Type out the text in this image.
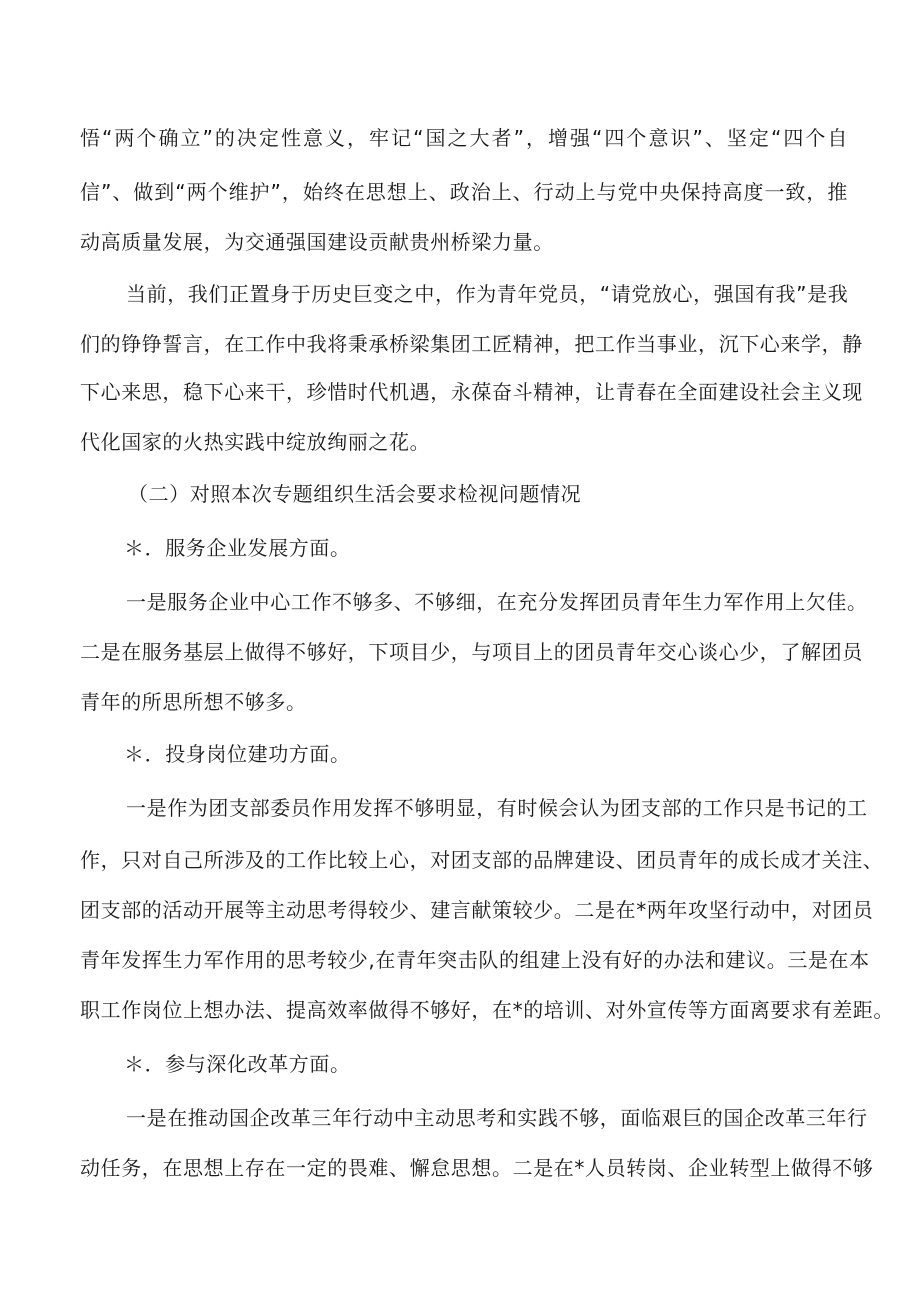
悟“两个确立”的决定性意义，牢记“国之大者”，增强“四个意识”、坚定“四个自
信”、做到“两个维护”，始终在思想上、政治上、行动上与党中央保持高度一致，推
动高质量发展，为交通强国建设贡献贵州桥梁力量。
当前，我们正置身于历史巨变之中，作为青年党员，“请党放心，强国有我”是我
们的铮铮誓言，在工作中我将秉承桥梁集团工匠精神，把工作当事业，沉下心来学，静
下心来思，稳下心来干，珍惜时代机遇，永葆奋斗精神，让青春在全面建设社会主义现
代化国家的火热实践中绽放绚丽之花。
（二）对照本次专题组织生活会要求检视问题情况
＊．服务企业发展方面。
一是服务企业中心工作不够多、不够细，在充分发挥团员青年生力军作用上欠佳。
二是在服务基层上做得不够好，下项目少，与项目上的团员青年交心谈心少，了解团员
青年的所思所想不够多。
＊．投身岗位建功方面。
一是作为团支部委员作用发挥不够明显，有时候会认为团支部的工作只是书记的工
作，只对自己所涉及的工作比较上心，对团支部的品牌建设、团员青年的成长成才关注、
团支部的活动开展等主动思考得较少、建言献策较少。二是在*两年攻坚行动中，对团员
青年发挥生力军作用的思考较少,在青年突击队的组建上没有好的办法和建议。三是在本
职工作岗位上想办法、提高效率做得不够好，在*的培训、对外宣传等方面离要求有差距。
＊．参与深化改革方面。
一是在推动国企改革三年行动中主动思考和实践不够，面临艰巨的国企改革三年行
动任务，在思想上存在一定的畏难、懈怠思想。二是在*人员转岗、企业转型上做得不够
